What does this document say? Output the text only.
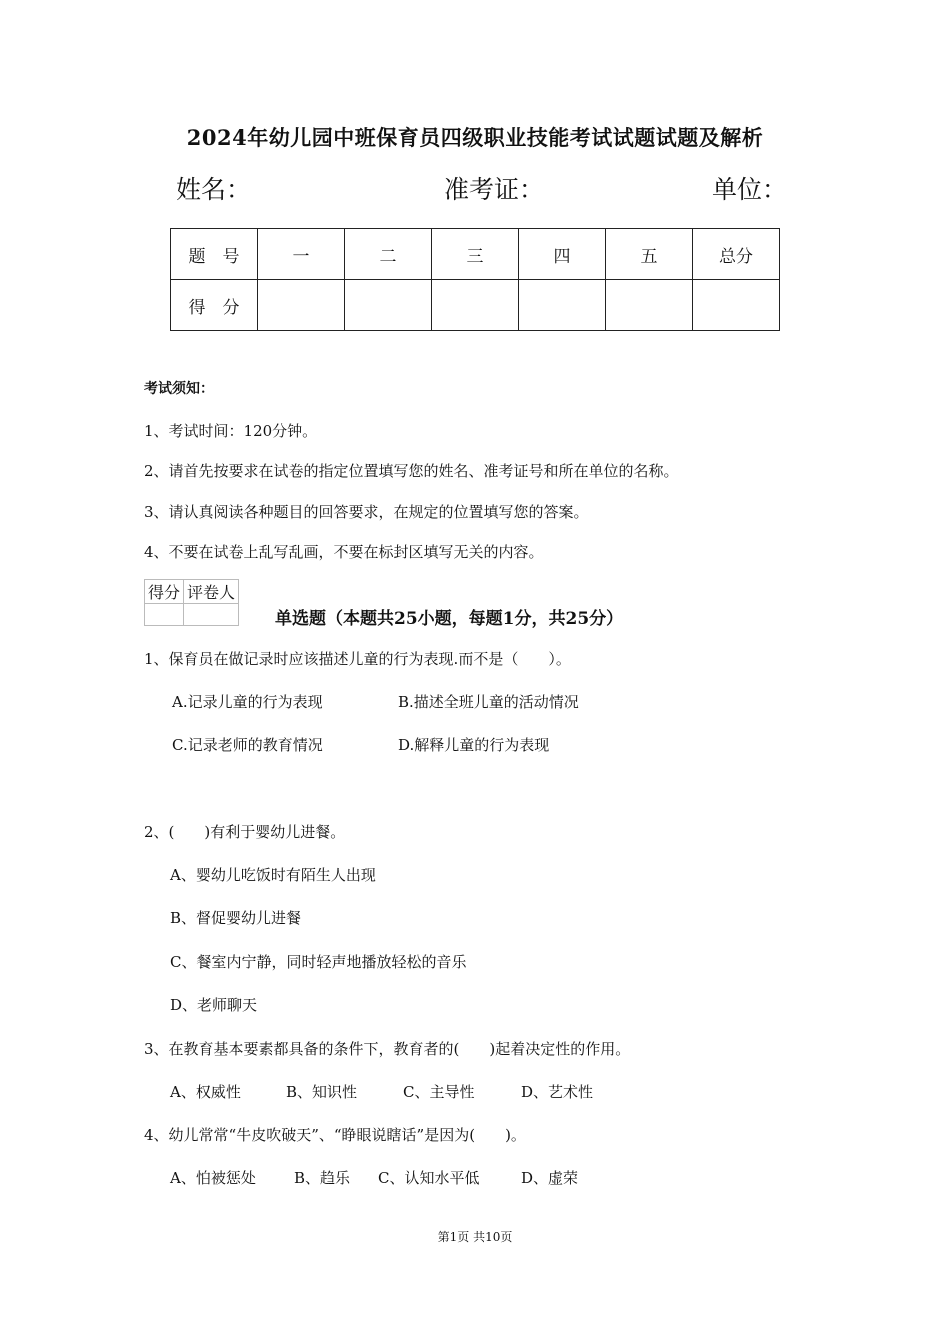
2024年幼儿园中班保育员四级职业技能考试试题试题及解析
姓名：	准考证：	单位：
题　号	一	二	三	四	五	总分
得　分						
考试须知：
1、考试时间：120分钟。
2、请首先按要求在试卷的指定位置填写您的姓名、准考证号和所在单位的名称。
3、请认真阅读各种题目的回答要求，在规定的位置填写您的答案。
4、不要在试卷上乱写乱画，不要在标封区填写无关的内容。
得分	评卷人

单选题（本题共25小题，每题1分，共25分）
1、保育员在做记录时应该描述儿童的行为表现.而不是（　　）。
A.记录儿童的行为表现	B.描述全班儿童的活动情况
C.记录老师的教育情况	D.解释儿童的行为表现
2、(　　)有利于婴幼儿进餐。
A、婴幼儿吃饭时有陌生人出现
B、督促婴幼儿进餐
C、餐室内宁静，同时轻声地播放轻松的音乐
D、老师聊天
3、在教育基本要素都具备的条件下，教育者的(　　)起着决定性的作用。
A、权威性	B、知识性	C、主导性	D、艺术性
4、幼儿常常“牛皮吹破天”、“睁眼说瞎话”是因为(　　)。
A、怕被惩处	B、趋乐 C、认知水平低	D、虚荣
第1页 共10页
